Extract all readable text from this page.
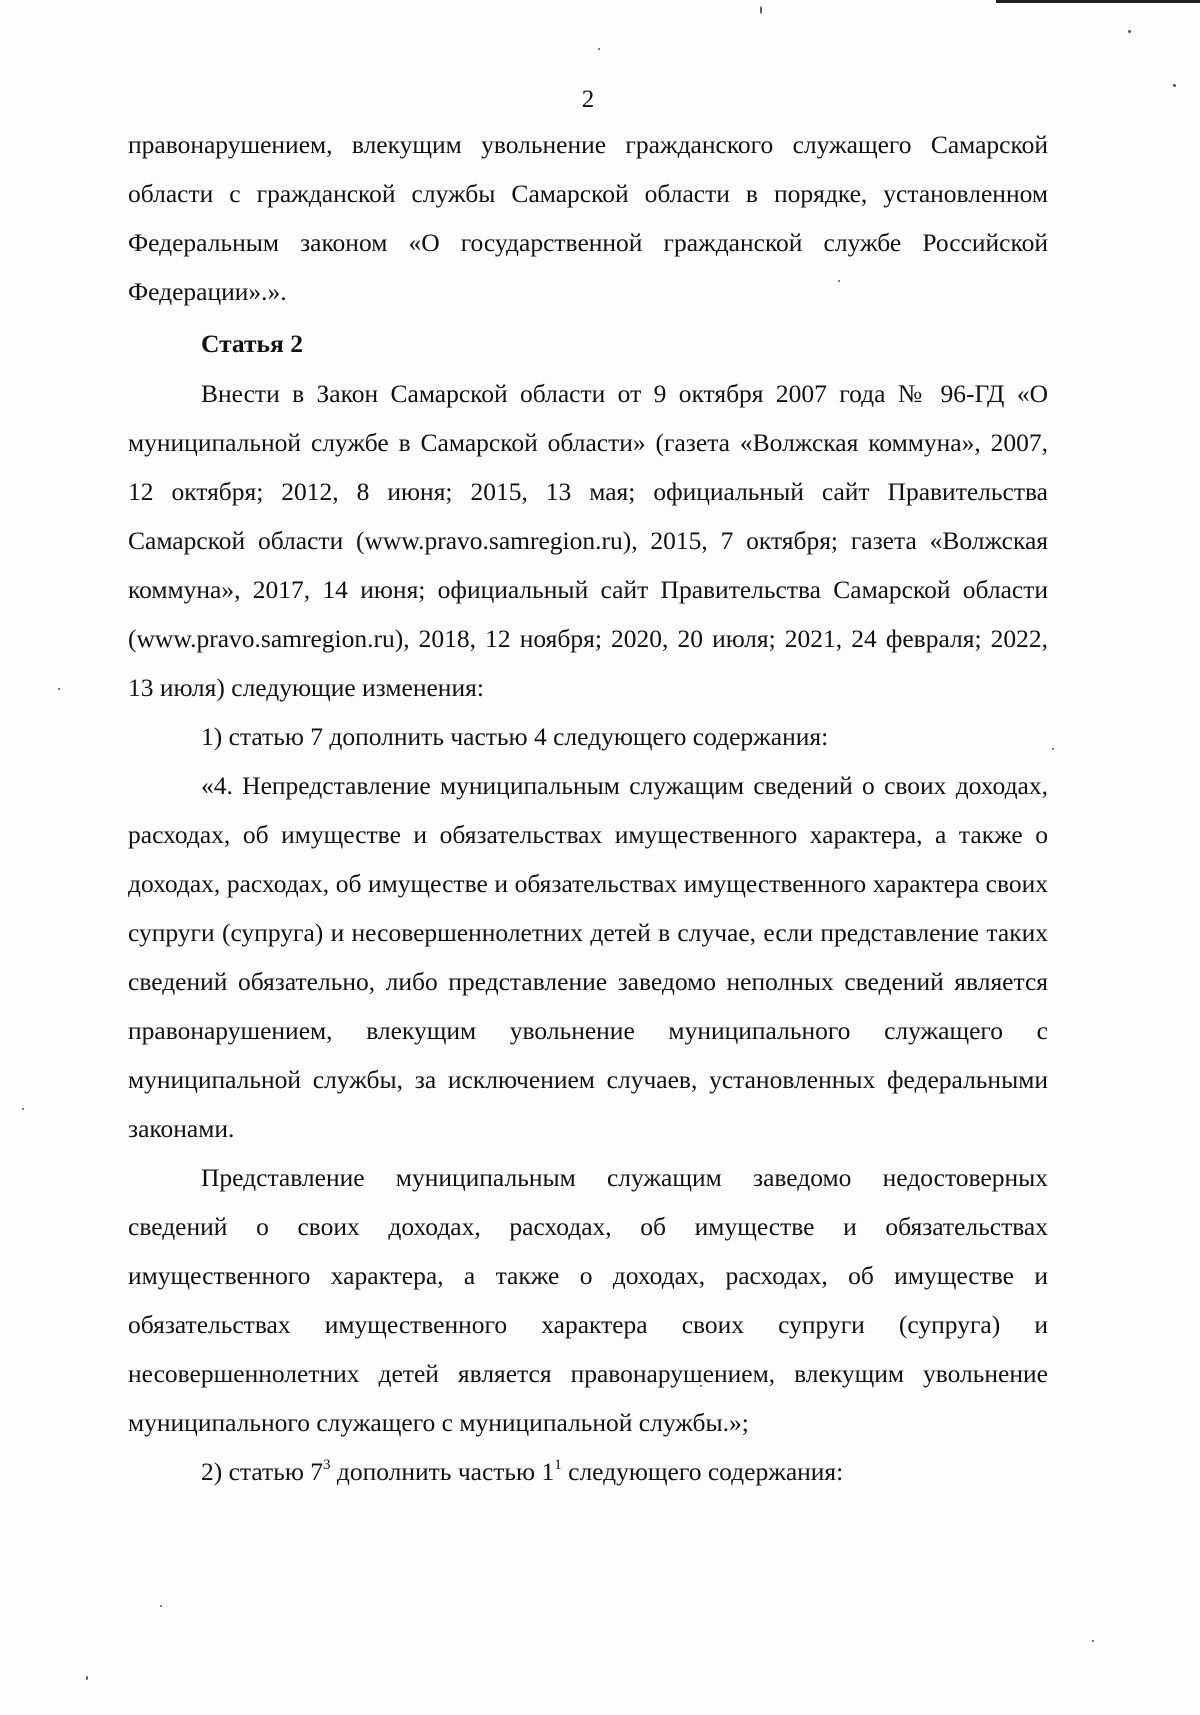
2

правонарушением, влекущим увольнение гражданского служащего Самарской области с гражданской службы Самарской области в порядке, установленном Федеральным законом «О государственной гражданской службе Российской Федерации».».

Статья 2

Внести в Закон Самарской области от 9 октября 2007 года № 96-ГД «О муниципальной службе в Самарской области» (газета «Волжская коммуна», 2007, 12 октября; 2012, 8 июня; 2015, 13 мая; официальный сайт Правительства Самарской области (www.pravo.samregion.ru), 2015, 7 октября; газета «Волжская коммуна», 2017, 14 июня; официальный сайт Правительства Самарской области (www.pravo.samregion.ru), 2018, 12 ноября; 2020, 20 июля; 2021, 24 февраля; 2022, 13 июля) следующие изменения:

1) статью 7 дополнить частью 4 следующего содержания:

«4. Непредставление муниципальным служащим сведений о своих доходах, расходах, об имуществе и обязательствах имущественного характера, а также о доходах, расходах, об имуществе и обязательствах имущественного характера своих супруги (супруга) и несовершеннолетних детей в случае, если представление таких сведений обязательно, либо представление заведомо неполных сведений является правонарушением, влекущим увольнение муниципального служащего с муниципальной службы, за исключением случаев, установленных федеральными законами.

Представление муниципальным служащим заведомо недостоверных сведений о своих доходах, расходах, об имуществе и обязательствах имущественного характера, а также о доходах, расходах, об имуществе и обязательствах имущественного характера своих супруги (супруга) и несовершеннолетних детей является правонарушением, влекущим увольнение муниципального служащего с муниципальной службы.»;

2) статью $7^3$ дополнить частью $1^1$ следующего содержания:
